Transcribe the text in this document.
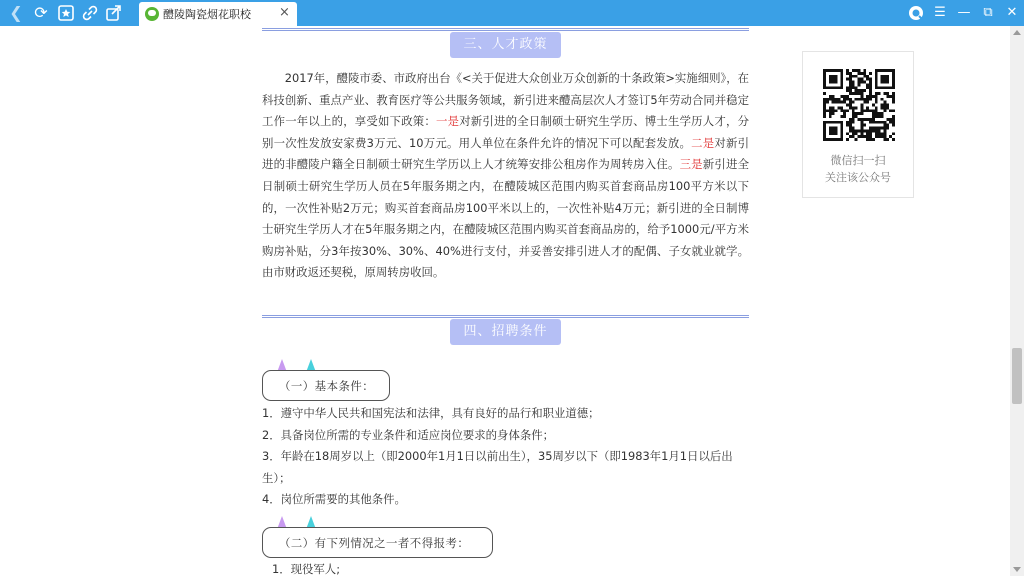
❮ ⟳	醴陵陶瓷烟花职校 ×	☰ — ⧉	✕
三、人才政策
2017年，醴陵市委、市政府出台《<关于促进大众创业万众创新的十条政策>实施细则》，在科技创新、重点产业、教育医疗等公共服务领域，新引进来醴高层次人才签订5年劳动合同并稳定工作一年以上的，享受如下政策：一是对新引进的全日制硕士研究生学历、博士生学历人才，分别一次性发放安家费3万元、10万元。用人单位在条件允许的情况下可以配套发放。二是对新引进的非醴陵户籍全日制硕士研究生学历以上人才统筹安排公租房作为周转房入住。三是新引进全日制硕士研究生学历人员在5年服务期之内，在醴陵城区范围内购买首套商品房100平方米以下的，一次性补贴2万元；购买首套商品房100平米以上的，一次性补贴4万元；新引进的全日制博士研究生学历人才在5年服务期之内，在醴陵城区范围内购买首套商品房的，给予1000元/平方米购房补贴，分3年按30%、30%、40%进行支付，并妥善安排引进人才的配偶、子女就业就学。由市财政返还契税，原周转房收回。
四、招聘条件
（一）基本条件：
1．遵守中华人民共和国宪法和法律，具有良好的品行和职业道德；
2．具备岗位所需的专业条件和适应岗位要求的身体条件；
3．年龄在18周岁以上（即2000年1月1日以前出生），35周岁以下（即1983年1月1日以后出生）；
4．岗位所需要的其他条件。
（二）有下列情况之一者不得报考：
1．现役军人;
微信扫一扫
关注该公众号
